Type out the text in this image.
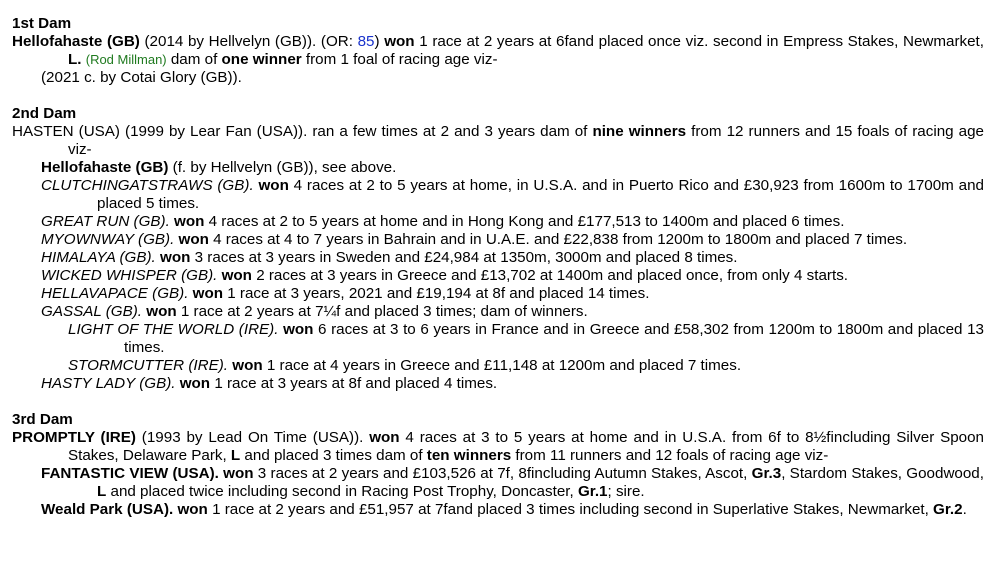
1st Dam
Hellofahaste (GB) (2014 by Hellvelyn (GB)). (OR: 85) won 1 race at 2 years at 6fand placed once viz. second in Empress Stakes, Newmarket, L. (Rod Millman) dam of one winner from 1 foal of racing age viz-
(2021 c. by Cotai Glory (GB)).
2nd Dam
HASTEN (USA) (1999 by Lear Fan (USA)). ran a few times at 2 and 3 years dam of nine winners from 12 runners and 15 foals of racing age viz-
Hellofahaste (GB) (f. by Hellvelyn (GB)), see above.
CLUTCHINGATSTRAWS (GB). won 4 races at 2 to 5 years at home, in U.S.A. and in Puerto Rico and £30,923 from 1600m to 1700m and placed 5 times.
GREAT RUN (GB). won 4 races at 2 to 5 years at home and in Hong Kong and £177,513 to 1400m and placed 6 times.
MYOWNWAY (GB). won 4 races at 4 to 7 years in Bahrain and in U.A.E. and £22,838 from 1200m to 1800m and placed 7 times.
HIMALAYA (GB). won 3 races at 3 years in Sweden and £24,984 at 1350m, 3000m and placed 8 times.
WICKED WHISPER (GB). won 2 races at 3 years in Greece and £13,702 at 1400m and placed once, from only 4 starts.
HELLAVAPACE (GB). won 1 race at 3 years, 2021 and £19,194 at 8f and placed 14 times.
GASSAL (GB). won 1 race at 2 years at 7¼f and placed 3 times; dam of winners.
LIGHT OF THE WORLD (IRE). won 6 races at 3 to 6 years in France and in Greece and £58,302 from 1200m to 1800m and placed 13 times.
STORMCUTTER (IRE). won 1 race at 4 years in Greece and £11,148 at 1200m and placed 7 times.
HASTY LADY (GB). won 1 race at 3 years at 8f and placed 4 times.
3rd Dam
PROMPTLY (IRE) (1993 by Lead On Time (USA)). won 4 races at 3 to 5 years at home and in U.S.A. from 6f to 8½fincluding Silver Spoon Stakes, Delaware Park, L and placed 3 times dam of ten winners from 11 runners and 12 foals of racing age viz-
FANTASTIC VIEW (USA). won 3 races at 2 years and £103,526 at 7f, 8fincluding Autumn Stakes, Ascot, Gr.3, Stardom Stakes, Goodwood, L and placed twice including second in Racing Post Trophy, Doncaster, Gr.1; sire.
Weald Park (USA). won 1 race at 2 years and £51,957 at 7fand placed 3 times including second in Superlative Stakes, Newmarket, Gr.2.
